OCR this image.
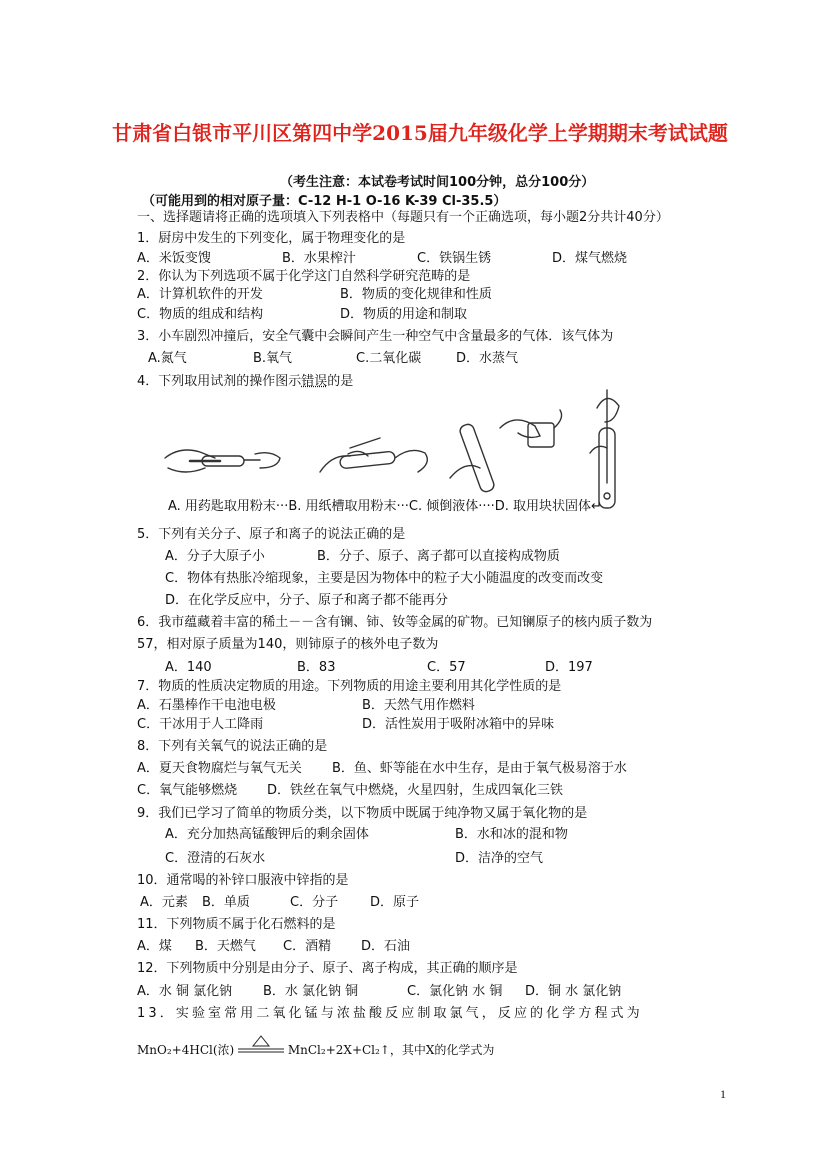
甘肃省白银市平川区第四中学2015届九年级化学上学期期末考试试题
（考生注意：本试卷考试时间100分钟，总分100分）
（可能用到的相对原子量：C-12 H-1 O-16 K-39 Cl-35.5）
一、选择题请将正确的选项填入下列表格中（每题只有一个正确选项，每小题2分共计40分）
1．厨房中发生的下列变化，属于物理变化的是
A．米饭变馊	B．水果榨汁	C．铁锅生锈	D．煤气燃烧
2．你认为下列选项不属于化学这门自然科学研究范畴的是
A．计算机软件的开发	B．物质的变化规律和性质
C．物质的组成和结构	D．物质的用途和制取
3．小车剧烈冲撞后，安全气囊中会瞬间产生一种空气中含量最多的气体．该气体为
A.氮气	B.氧气	C.二氧化碳	D．水蒸气
4．下列取用试剂的操作图示错误的是
A. 用药匙取用粉末···B. 用纸槽取用粉末···C. 倾倒液体····D. 取用块状固体↵
5．下列有关分子、原子和离子的说法正确的是
A．分子大原子小	B．分子、原子、离子都可以直接构成物质
C．物体有热胀冷缩现象，主要是因为物体中的粒子大小随温度的改变而改变
D．在化学反应中，分子、原子和离子都不能再分
6．我市蕴藏着丰富的稀土－－含有镧、铈、钕等金属的矿物。已知镧原子的核内质子数为
57，相对原子质量为140，则铈原子的核外电子数为
A．140	B．83	C．57	D．197
7．物质的性质决定物质的用途。下列物质的用途主要利用其化学性质的是
A．石墨棒作干电池电极	B．天然气用作燃料
C．干冰用于人工降雨	D．活性炭用于吸附冰箱中的异味
8．下列有关氧气的说法正确的是
A．夏天食物腐烂与氧气无关 B．鱼、虾等能在水中生存，是由于氧气极易溶于水
C．氧气能够燃烧 D．铁丝在氧气中燃烧，火星四射，生成四氧化三铁
9．我们已学习了简单的物质分类，以下物质中既属于纯净物又属于氧化物的是
A．充分加热高锰酸钾后的剩余固体	B．水和冰的混和物
C．澄清的石灰水	D．洁净的空气
10．通常喝的补锌口服液中锌指的是
A．元素 B．单质	C．分子 D．原子
11．下列物质不属于化石燃料的是
A．煤 B．天燃气 C．酒精 D．石油
12．下列物质中分别是由分子、原子、离子构成，其正确的顺序是
A．水 铜 氯化钠 B．水 氯化钠 铜	C．氯化钠 水 铜 D．铜 水 氯化钠
13．实验室常用二氧化锰与浓盐酸反应制取氯气，反应的化学方程式为
MnO₂+4HCl(浓)	MnCl₂+2X+Cl₂↑，其中X的化学式为
1
